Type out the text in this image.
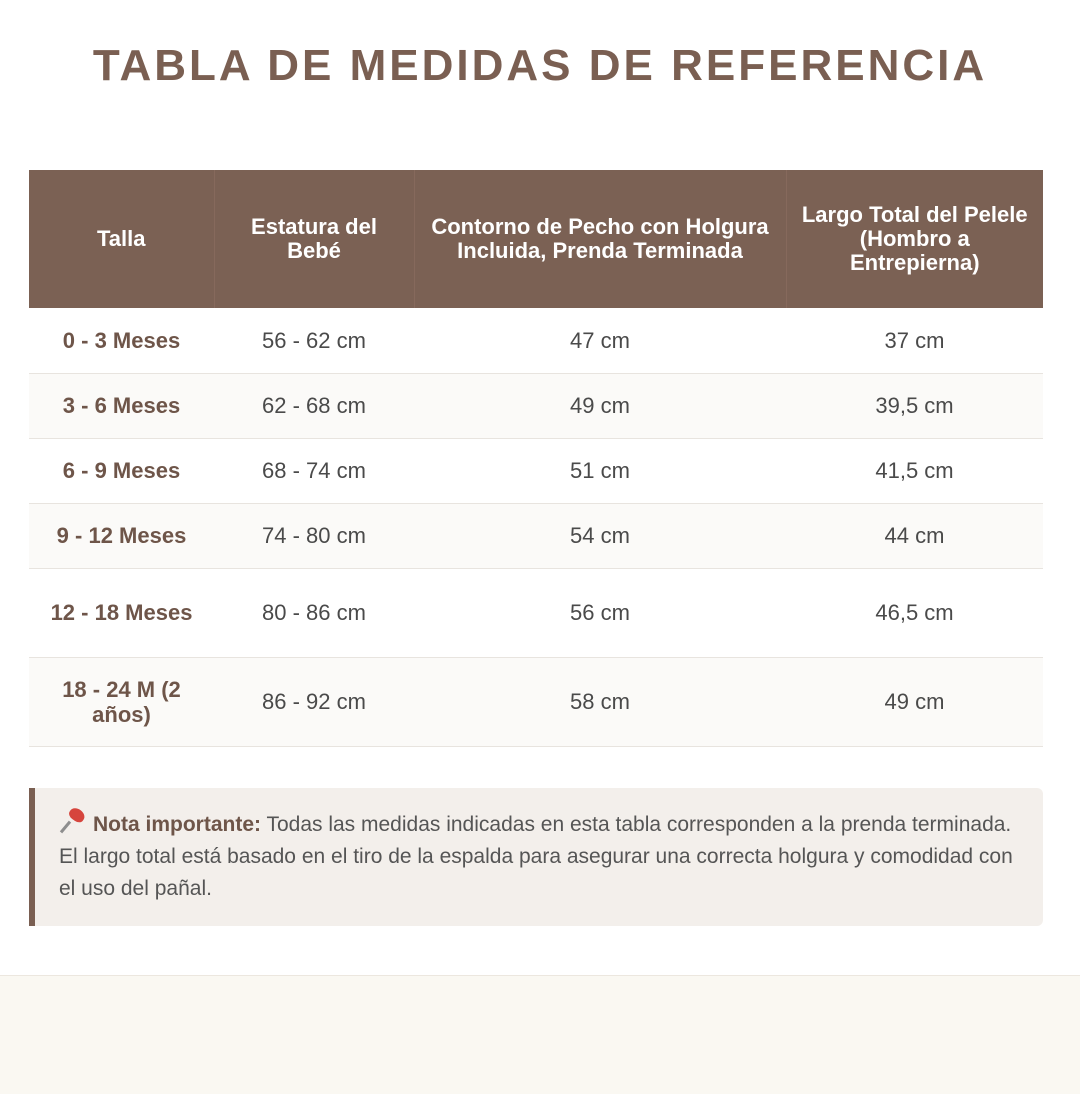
TABLA DE MEDIDAS DE REFERENCIA
Talla	Estatura del Bebé	Contorno de Pecho con Holgura Incluida, Prenda Terminada	Largo Total del Pelele (Hombro a Entrepierna)
0 - 3 Meses	56 - 62 cm	47 cm	37 cm
3 - 6 Meses	62 - 68 cm	49 cm	39,5 cm
6 - 9 Meses	68 - 74 cm	51 cm	41,5 cm
9 - 12 Meses	74 - 80 cm	54 cm	44 cm
12 - 18 Meses	80 - 86 cm	56 cm	46,5 cm
18 - 24 M (2 años)	86 - 92 cm	58 cm	49 cm
Nota importante: Todas las medidas indicadas en esta tabla corresponden a la prenda terminada. El largo total está basado en el tiro de la espalda para asegurar una correcta holgura y comodidad con el uso del pañal.
